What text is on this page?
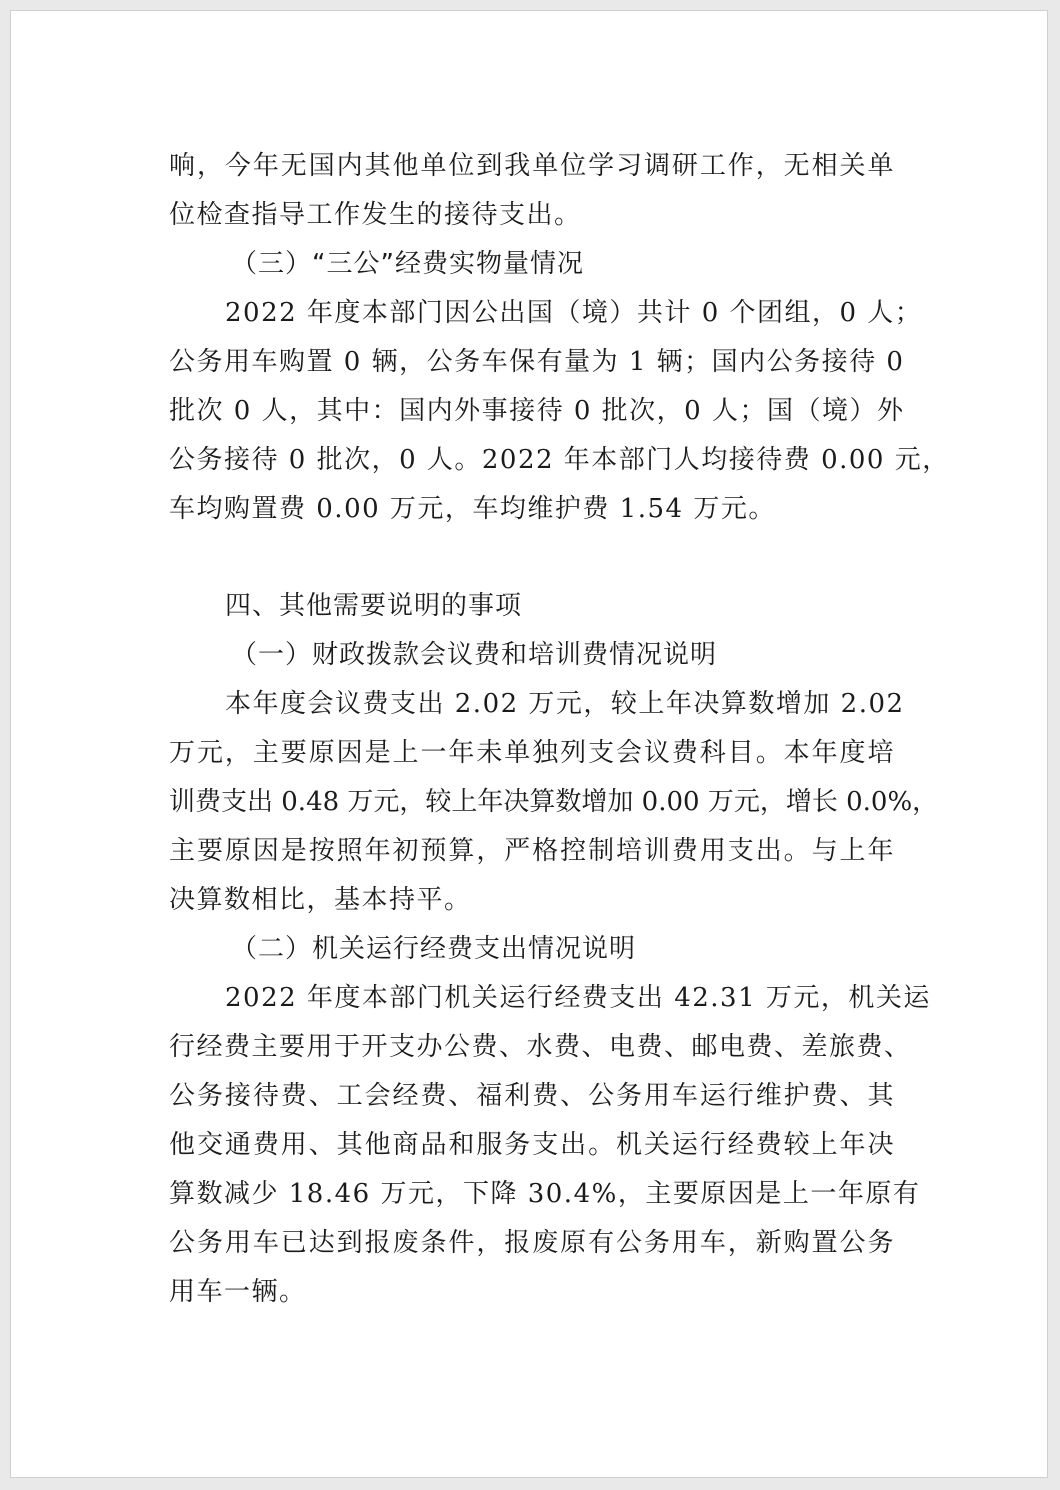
响，今年无国内其他单位到我单位学习调研工作，无相关单
位检查指导工作发生的接待支出。
（三）“三公”经费实物量情况
2022 年度本部门因公出国（境）共计 0 个团组，0 人；
公务用车购置 0 辆，公务车保有量为 1 辆；国内公务接待 0
批次 0 人，其中：国内外事接待 0 批次，0 人；国（境）外
公务接待 0 批次，0 人。2022 年本部门人均接待费 0.00 元，
车均购置费 0.00 万元，车均维护费 1.54 万元。
四、其他需要说明的事项
（一）财政拨款会议费和培训费情况说明
本年度会议费支出 2.02 万元，较上年决算数增加 2.02
万元，主要原因是上一年未单独列支会议费科目。本年度培
训费支出 0.48 万元，较上年决算数增加 0.00 万元，增长 0.0%，
主要原因是按照年初预算，严格控制培训费用支出。与上年
决算数相比，基本持平。
（二）机关运行经费支出情况说明
2022 年度本部门机关运行经费支出 42.31 万元，机关运
行经费主要用于开支办公费、水费、电费、邮电费、差旅费、
公务接待费、工会经费、福利费、公务用车运行维护费、其
他交通费用、其他商品和服务支出。机关运行经费较上年决
算数减少 18.46 万元，下降 30.4%，主要原因是上一年原有
公务用车已达到报废条件，报废原有公务用车，新购置公务
用车一辆。
